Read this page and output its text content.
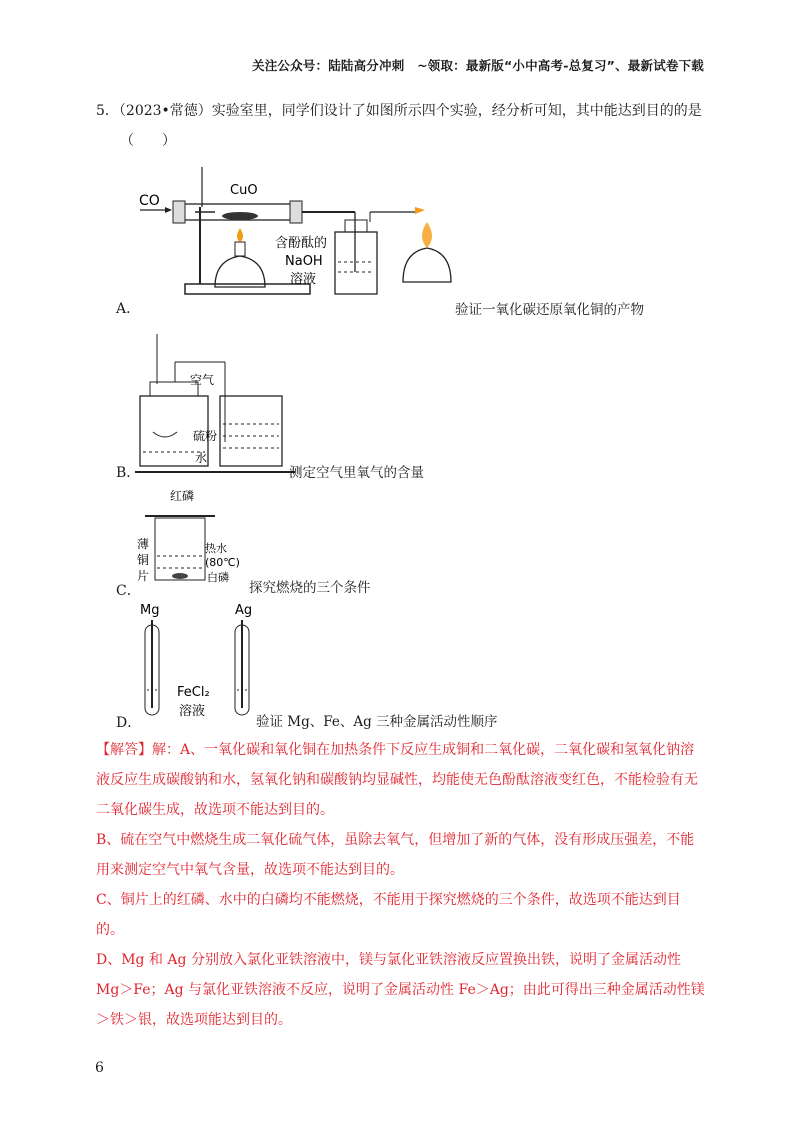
关注公众号：陆陆高分冲刺　~领取：最新版“小中高考-总复习”、最新试卷下载
5．（2023•常德）实验室里，同学们设计了如图所示四个实验，经分析可知，其中能达到目的的是
（　　）
A．
CO
CuO
含酚酞的
NaOH
溶液
验证一氧化碳还原氧化铜的产物
B．
空气
硫粉
水
测定空气里氧气的含量
C．
红磷
薄
铜
片
热水
(80℃)
白磷
探究燃烧的三个条件
D．
Mg	Ag
FeCl₂
溶液
验证 Mg、Fe、Ag 三种金属活动性顺序

【解答】解：A、一氧化碳和氧化铜在加热条件下反应生成铜和二氧化碳，二氧化碳和氢氧化钠溶液反应生成碳酸钠和水，氢氧化钠和碳酸钠均显碱性，均能使无色酚酞溶液变红色，不能检验有无二氧化碳生成，故选项不能达到目的。

B、硫在空气中燃烧生成二氧化硫气体，虽除去氧气，但增加了新的气体，没有形成压强差，不能用来测定空气中氧气含量，故选项不能达到目的。

C、铜片上的红磷、水中的白磷均不能燃烧，不能用于探究燃烧的三个条件，故选项不能达到目的。

D、Mg 和 Ag 分别放入氯化亚铁溶液中，镁与氯化亚铁溶液反应置换出铁，说明了金属活动性 Mg＞Fe；Ag 与氯化亚铁溶液不反应，说明了金属活动性 Fe＞Ag；由此可得出三种金属活动性镁＞铁＞银，故选项能达到目的。

6
